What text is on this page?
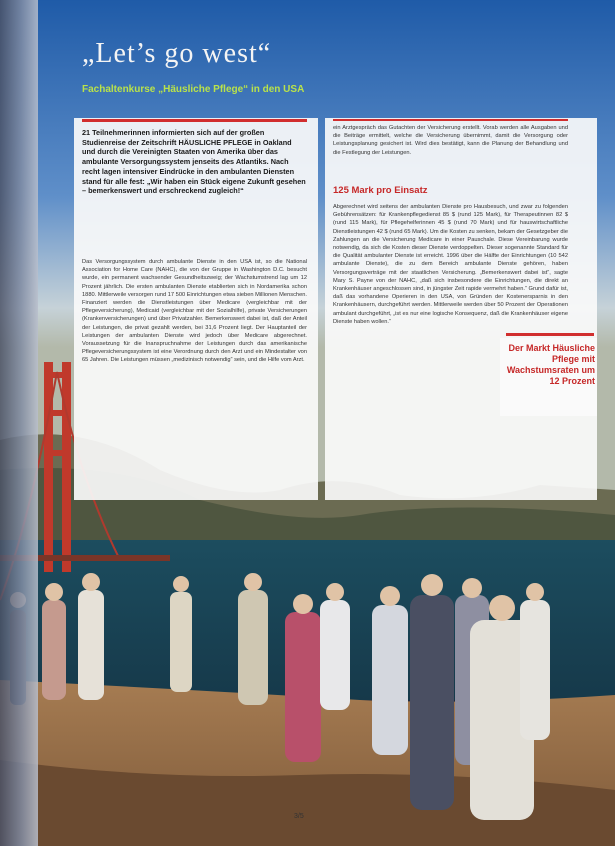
„Let’s go west“
Fachaltenkurse „Häusliche Pflege“ in den USA
21 Teilnehmerinnen informierten sich auf der großen Studienreise der Zeitschrift HÄUSLICHE PFLEGE in Oakland und durch die Vereinigten Staaten von Amerika über das ambulante Versorgungssystem jenseits des Atlantiks. Nach recht lagen intensiver Eindrücke in den ambulanten Diensten stand für alle fest: „Wir haben ein Stück eigene Zukunft gesehen – bemerkenswert und erschreckend zugleich!“
Das Versorgungssystem durch ambulante Dienste in den USA ist, so die National Association for Home Care (NAHC), die von der Gruppe in Washington D.C. besucht wurde, ein permanent wachsender Gesundheitszweig; der Wachstumstrend lag um 12 Prozent jährlich. Die ersten ambulanten Dienste etablierten sich in Nordamerika schon 1880. Mittlerweile versorgen rund 17 500 Einrichtungen etwa sieben Millionen Menschen. Finanziert werden die Dienstleistungen über Medicare (vergleichbar mit der Pflegeversicherung), Medicaid (vergleichbar mit der Sozialhilfe), private Versicherungen (Krankenversicherungen) und über Privatzahler. Bemerkenswert dabei ist, daß der Anteil der Leistungen, die privat gezahlt werden, bei 31,6 Prozent liegt. Der Hauptanteil der Leistungen der ambulanten Dienste wird jedoch über Medicare abgerechnet. Voraussetzung für die Inanspruchnahme der Leistungen durch das amerikanische Pflegeversicherungssystem ist eine Verordnung durch den Arzt und ein Mindestalter von 65 Jahren. Die Leistungen müssen „medizinisch notwendig“ sein, und die Hilfe vom Arzt.
ein Arztgespräch das Gutachten der Versicherung erstellt. Vorab werden alle Ausgaben und die Beiträge ermittelt, welche die Versicherung übernimmt, damit die Versorgung oder Leistungsplanung gesichert ist. Wird dies bestätigt, kann die Planung der Behandlung und die Festlegung der Leistungen.
125 Mark pro Einsatz
Abgerechnet wird seitens der ambulanten Dienste pro Hausbesuch, und zwar zu folgenden Gebührensätzen: für Krankenpflegedienst 85 $ (rund 125 Mark), für Therapeutinnen 82 $ (rund 115 Mark), für Pflegehelferinnen 45 $ (rund 70 Mark) und für hauswirtschaftliche Dienstleistungen 42 $ (rund 65 Mark). Um die Kosten zu senken, bekam der Gesetzgeber die Zahlungen an die Versicherung Medicare in einer Pauschale. Diese Vereinbarung wurde notwendig, da sich die Kosten dieser Dienste verdoppelten. Dieser sogenannte Standard für die Qualität ambulanter Dienste ist erreicht. 1996 über die Hälfte der Einrichtungen (10 542 ambulante Dienste), die zu dem Bereich ambulante Dienste gehören, haben Versorgungsverträge mit der staatlichen Versicherung. „Bemerkenswert dabei ist“, sagte Mary S. Payne von der NAHC, „daß sich insbesondere die Einrichtungen, die direkt an Krankenhäuser angeschlossen sind, in jüngster Zeit rapide vermehrt haben.“ Grund dafür ist, daß das vorhandene Operieren in den USA, von Gründen der Kostenersparnis in den Krankenhäusern, durchgeführt werden. Mittlerweile werden über 50 Prozent der Operationen ambulant durchgeführt, „ist es nur eine logische Konsequenz, daß die Krankenhäuser eigene Dienste haben wollen.“
Der Markt Häusliche Pflege mit Wachstumsraten um 12 Prozent
3/5
